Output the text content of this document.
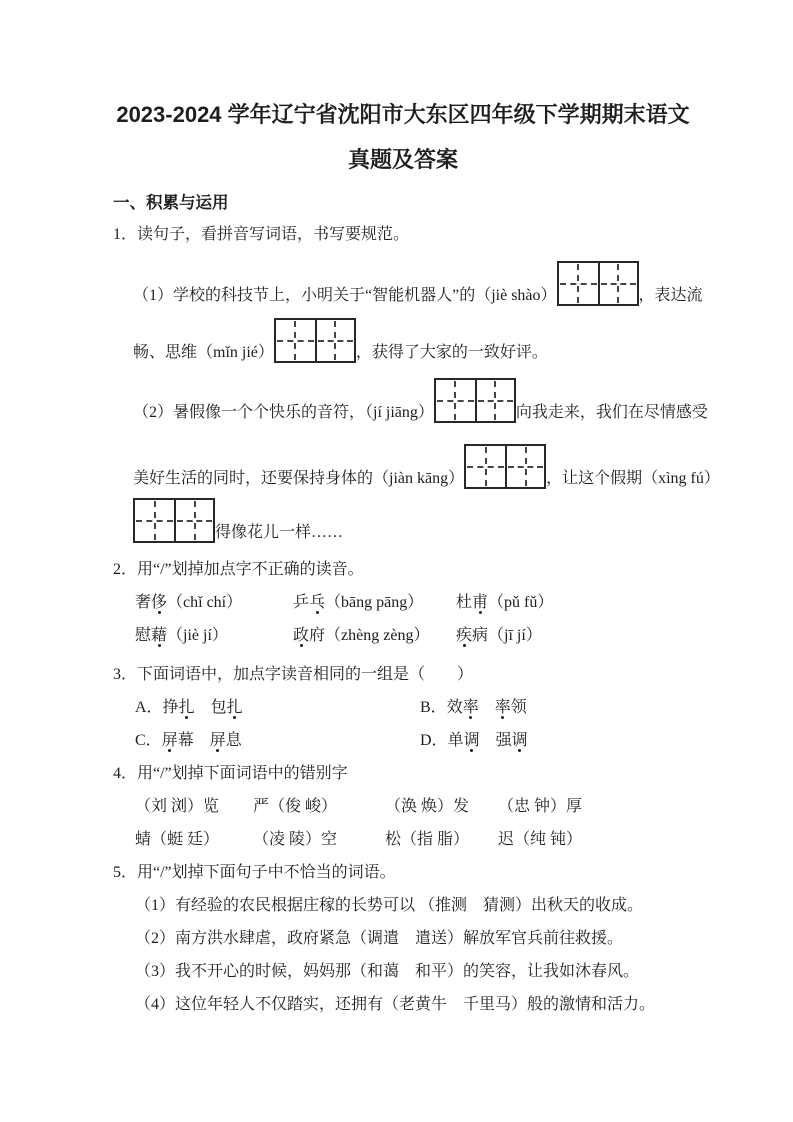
2023-2024 学年辽宁省沈阳市大东区四年级下学期期末语文
真题及答案
一、积累与运用
1．读句子，看拼音写词语，书写要规范。
（1）学校的科技节上，小明关于“智能机器人”的（jiè shào）	，表达流
畅、思维（mǐn jié）	，获得了大家的一致好评。
（2）暑假像一个个快乐的音符，（jí jiāng）	向我走来，我们在尽情感受
美好生活的同时，还要保持身体的（jiàn kāng）	，让这个假期（xìng fú）
得像花儿一样……
2．用“/”划掉加点字不正确的读音。
奢侈（chǐ chí）	乒乓（bāng pāng）	杜甫（pǔ fǔ）
慰藉（jiè jí）	政府（zhèng zèng）	疾病（jī jí）
3．下面词语中，加点字读音相同的一组是（　　）
A．挣扎 包扎	B．效率 率领
C．屏幕 屏息	D．单调 强调
4．用“/”划掉下面词语中的错别字
（刘 浏）览	严（俊 峻）	（涣 焕）发	（忠 钟）厚
蜻（蜓 廷）	（凌 陵）空	松（指 脂）	迟（纯 钝）
5．用“/”划掉下面句子中不恰当的词语。
（1）有经验的农民根据庄稼的长势可以 （推测　猜测）出秋天的收成。
（2）南方洪水肆虐，政府紧急（调遣　遣送）解放军官兵前往救援。
（3）我不开心的时候，妈妈那（和蔼　和平）的笑容，让我如沐春风。
（4）这位年轻人不仅踏实，还拥有（老黄牛　千里马）般的激情和活力。
